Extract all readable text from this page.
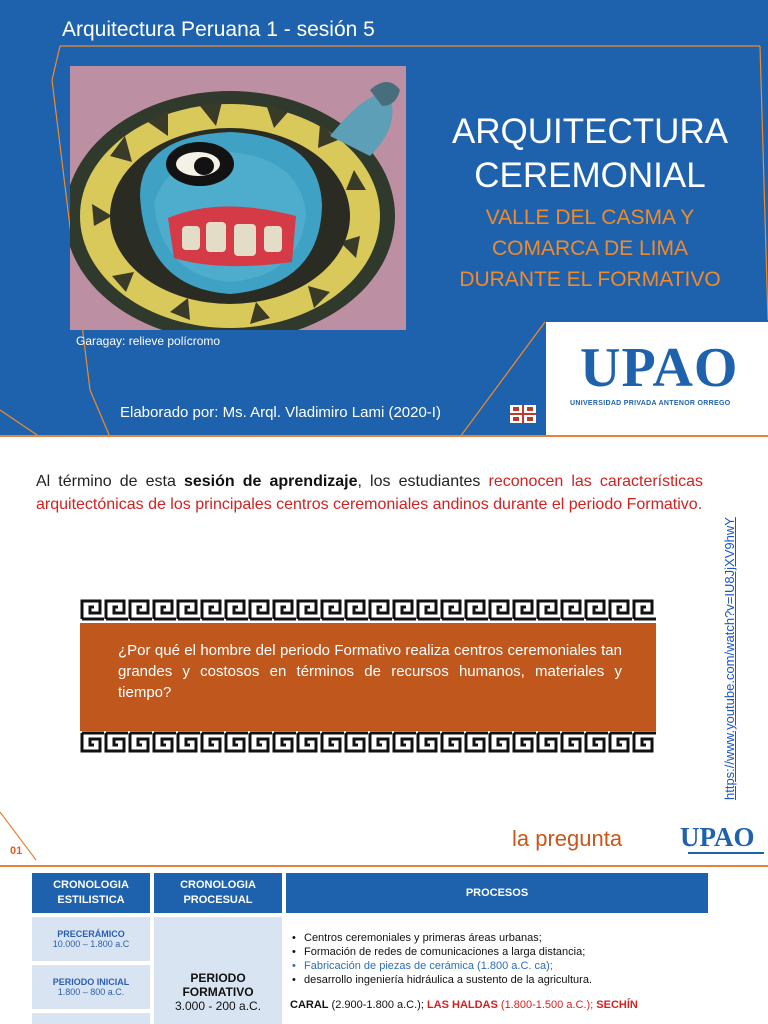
Arquitectura Peruana 1 - sesión 5
Garagay: relieve polícromo
ARQUITECTURA
CEREMONIAL
VALLE DEL CASMA Y
COMARCA DE LIMA
DURANTE EL FORMATIVO
Elaborado por: Ms. Arql. Vladimiro Lami (2020-I)
UPAO
UNIVERSIDAD PRIVADA ANTENOR ORREGO

Al término de esta sesión de aprendizaje, los estudiantes reconocen las características arquitectónicas de los principales centros ceremoniales andinos durante el periodo Formativo.

¿Por qué el hombre del periodo Formativo realiza centros ceremoniales tan grandes y costosos en términos de recursos humanos, materiales y tiempo?	https://www.youtube.com/watch?v=IU8JjXV9hwY
01	la pregunta UPAO
CRONOLOGIA ESTILISTICA
CRONOLOGIA PROCESUAL
PROCESOS
PRECERÁMICO
10.000 – 1.800 a.C
PERIODO INICIAL
1.800 – 800 a.C.
PERIODO
FORMATIVO
3.000 - 200 a.C.
• Centros ceremoniales y primeras áreas urbanas;
• Formación de redes de comunicaciones a larga distancia;
• Fabricación de piezas de cerámica (1.800 a.C. ca);
• desarrollo ingeniería hidráulica a sustento de la agricultura.
CARAL (2.900-1.800 a.C.); LAS HALDAS (1.800-1.500 a.C.); SECHÍN
